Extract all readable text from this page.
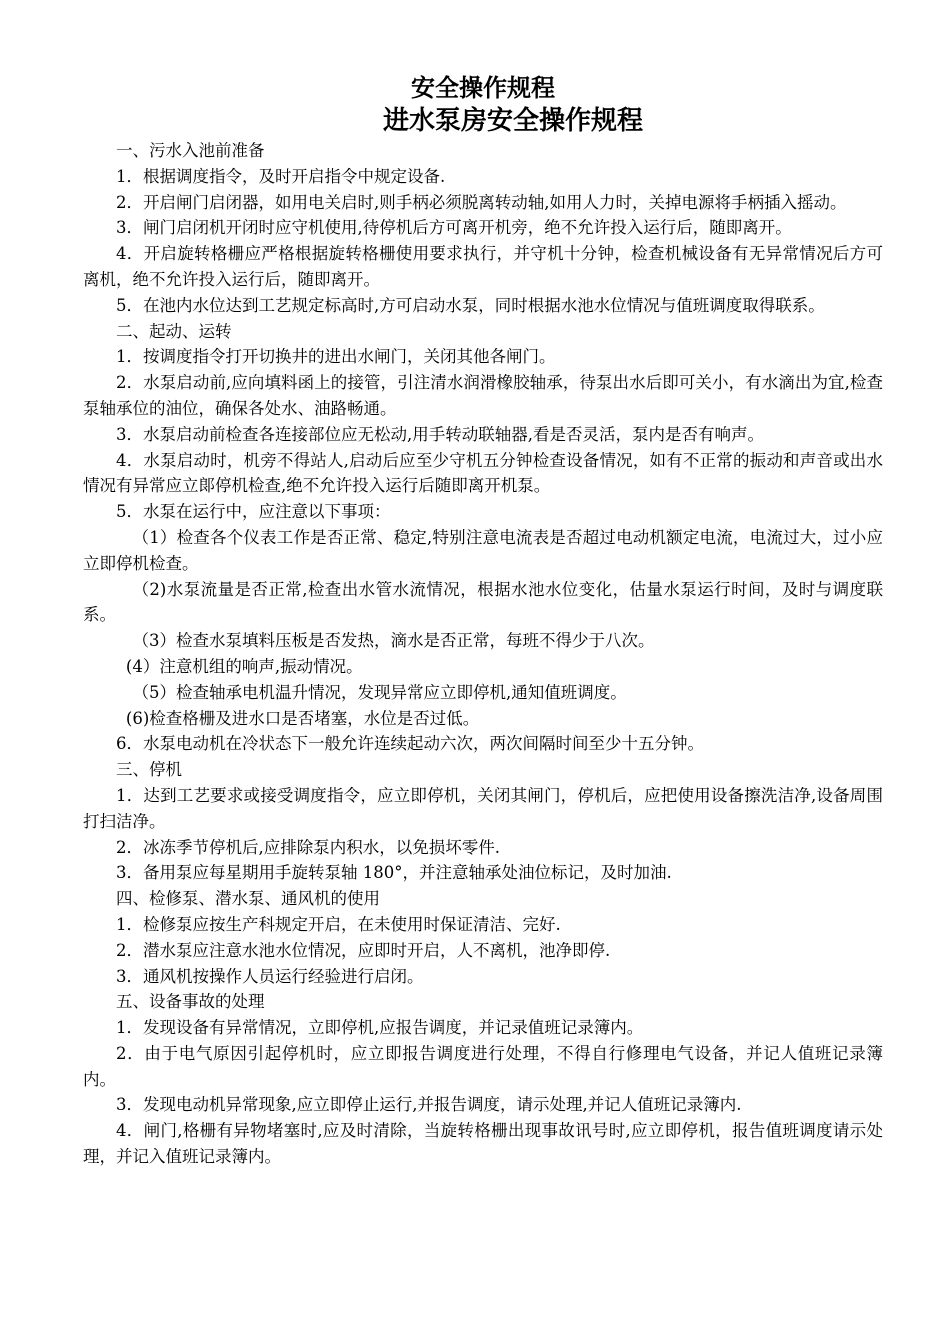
安全操作规程
进水泵房安全操作规程

一、污水入池前准备

1．根据调度指令，及时开启指令中规定设备.

2．开启闸门启闭器，如用电关启时,则手柄必须脱离转动轴,如用人力时，关掉电源将手柄插入摇动。

3．闸门启闭机开闭时应守机使用,待停机后方可离开机旁，绝不允许投入运行后，随即离开。

4．开启旋转格栅应严格根据旋转格栅使用要求执行，并守机十分钟，检查机械设备有无异常情况后方可离机，绝不允许投入运行后，随即离开。

5．在池内水位达到工艺规定标高时,方可启动水泵，同时根据水池水位情况与值班调度取得联系。

二、起动、运转

1．按调度指令打开切换井的进出水闸门，关闭其他各闸门。

2．水泵启动前,应向填料函上的接管，引注清水润滑橡胶轴承，待泵出水后即可关小，有水滴出为宜,检查泵轴承位的油位，确保各处水、油路畅通。

3．水泵启动前检查各连接部位应无松动,用手转动联轴器,看是否灵活，泵内是否有响声。

4．水泵启动时，机旁不得站人,启动后应至少守机五分钟检查设备情况，如有不正常的振动和声音或出水情况有异常应立郞停机检查,绝不允许投入运行后随即离开机泵。

5．水泵在运行中，应注意以下事项：

（1）检查各个仪表工作是否正常、稳定,特别注意电流表是否超过电动机额定电流，电流过大，过小应立即停机检查。

（2)水泵流量是否正常,检查出水管水流情况，根据水池水位变化，估量水泵运行时间，及时与调度联系。

（3）检查水泵填料压板是否发热，滴水是否正常，每班不得少于八次。

(4）注意机组的响声,振动情况。

（5）检查轴承电机温升情况，发现异常应立即停机,通知值班调度。

(6)检查格栅及进水口是否堵塞，水位是否过低。

6．水泵电动机在冷状态下一般允许连续起动六次，两次间隔时间至少十五分钟。

三、停机

1．达到工艺要求或接受调度指令，应立即停机，关闭其闸门，停机后，应把使用设备擦洗洁净,设备周围打扫洁净。

2．冰冻季节停机后,应排除泵内积水，以免损坏零件.

3．备用泵应每星期用手旋转泵轴 180°，并注意轴承处油位标记，及时加油.

四、检修泵、潜水泵、通风机的使用

1．检修泵应按生产科规定开启，在未使用时保证清洁、完好.

2．潜水泵应注意水池水位情况，应即时开启，人不离机，池净即停.

3．通风机按操作人员运行经验进行启闭。

五、设备事故的处理

1．发现设备有异常情况，立即停机,应报告调度，并记录值班记录簿内。

2．由于电气原因引起停机时，应立即报告调度进行处理，不得自行修理电气设备，并记人值班记录簿内。

3．发现电动机异常现象,应立即停止运行,并报告调度，请示处理,并记人值班记录簿内.

4．闸门,格栅有异物堵塞时,应及时清除，当旋转格栅出现事故讯号时,应立即停机，报告值班调度请示处理，并记入值班记录簿内。
